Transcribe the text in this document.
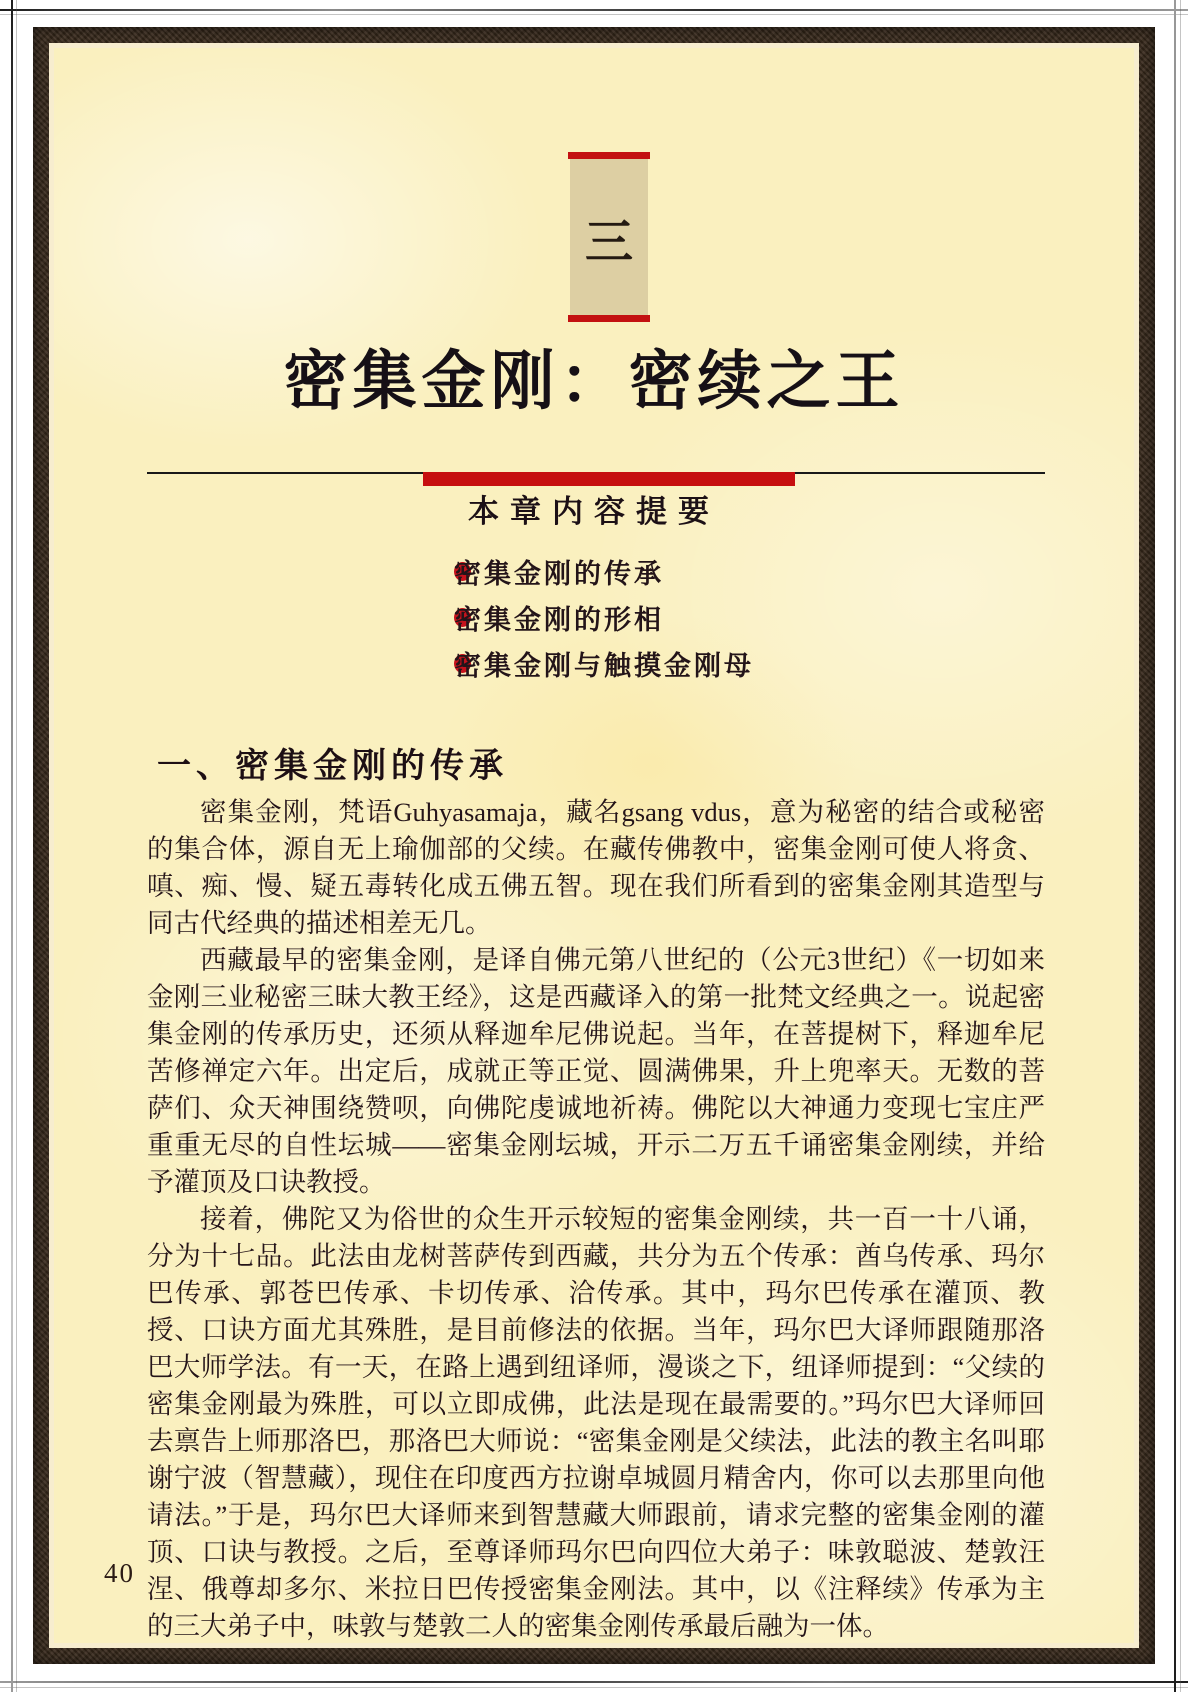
三
密集金刚：密续之王
本章内容提要
密集金刚的传承
密集金刚的形相
密集金刚与触摸金刚母
一、密集金刚的传承

密集金刚，梵语Guhyasamaja，藏名gsang vdus，意为秘密的结合或秘密的集合体，源自无上瑜伽部的父续。在藏传佛教中，密集金刚可使人将贪、嗔、痴、慢、疑五毒转化成五佛五智。现在我们所看到的密集金刚其造型与同古代经典的描述相差无几。

西藏最早的密集金刚，是译自佛元第八世纪的（公元3世纪）《一切如来金刚三业秘密三昧大教王经》，这是西藏译入的第一批梵文经典之一。说起密集金刚的传承历史，还须从释迦牟尼佛说起。当年，在菩提树下，释迦牟尼苦修禅定六年。出定后，成就正等正觉、圆满佛果，升上兜率天。无数的菩萨们、众天神围绕赞呗，向佛陀虔诚地祈祷。佛陀以大神通力变现七宝庄严重重无尽的自性坛城——密集金刚坛城，开示二万五千诵密集金刚续，并给予灌顶及口诀教授。

接着，佛陀又为俗世的众生开示较短的密集金刚续，共一百一十八诵，分为十七品。此法由龙树菩萨传到西藏，共分为五个传承：酋乌传承、玛尔巴传承、郭苍巴传承、卡切传承、洽传承。其中，玛尔巴传承在灌顶、教授、口诀方面尤其殊胜，是目前修法的依据。当年，玛尔巴大译师跟随那洛巴大师学法。有一天，在路上遇到纽译师，漫谈之下，纽译师提到：“父续的密集金刚最为殊胜，可以立即成佛，此法是现在最需要的。”玛尔巴大译师回去禀告上师那洛巴，那洛巴大师说：“密集金刚是父续法，此法的教主名叫耶谢宁波（智慧藏），现住在印度西方拉谢卓城圆月精舍内，你可以去那里向他请法。”于是，玛尔巴大译师来到智慧藏大师跟前，请求完整的密集金刚的灌顶、口诀与教授。之后，至尊译师玛尔巴向四位大弟子：味敦聪波、楚敦汪涅、俄尊却多尔、米拉日巴传授密集金刚法。其中，以《注释续》传承为主的三大弟子中，味敦与楚敦二人的密集金刚传承最后融为一体。

40
